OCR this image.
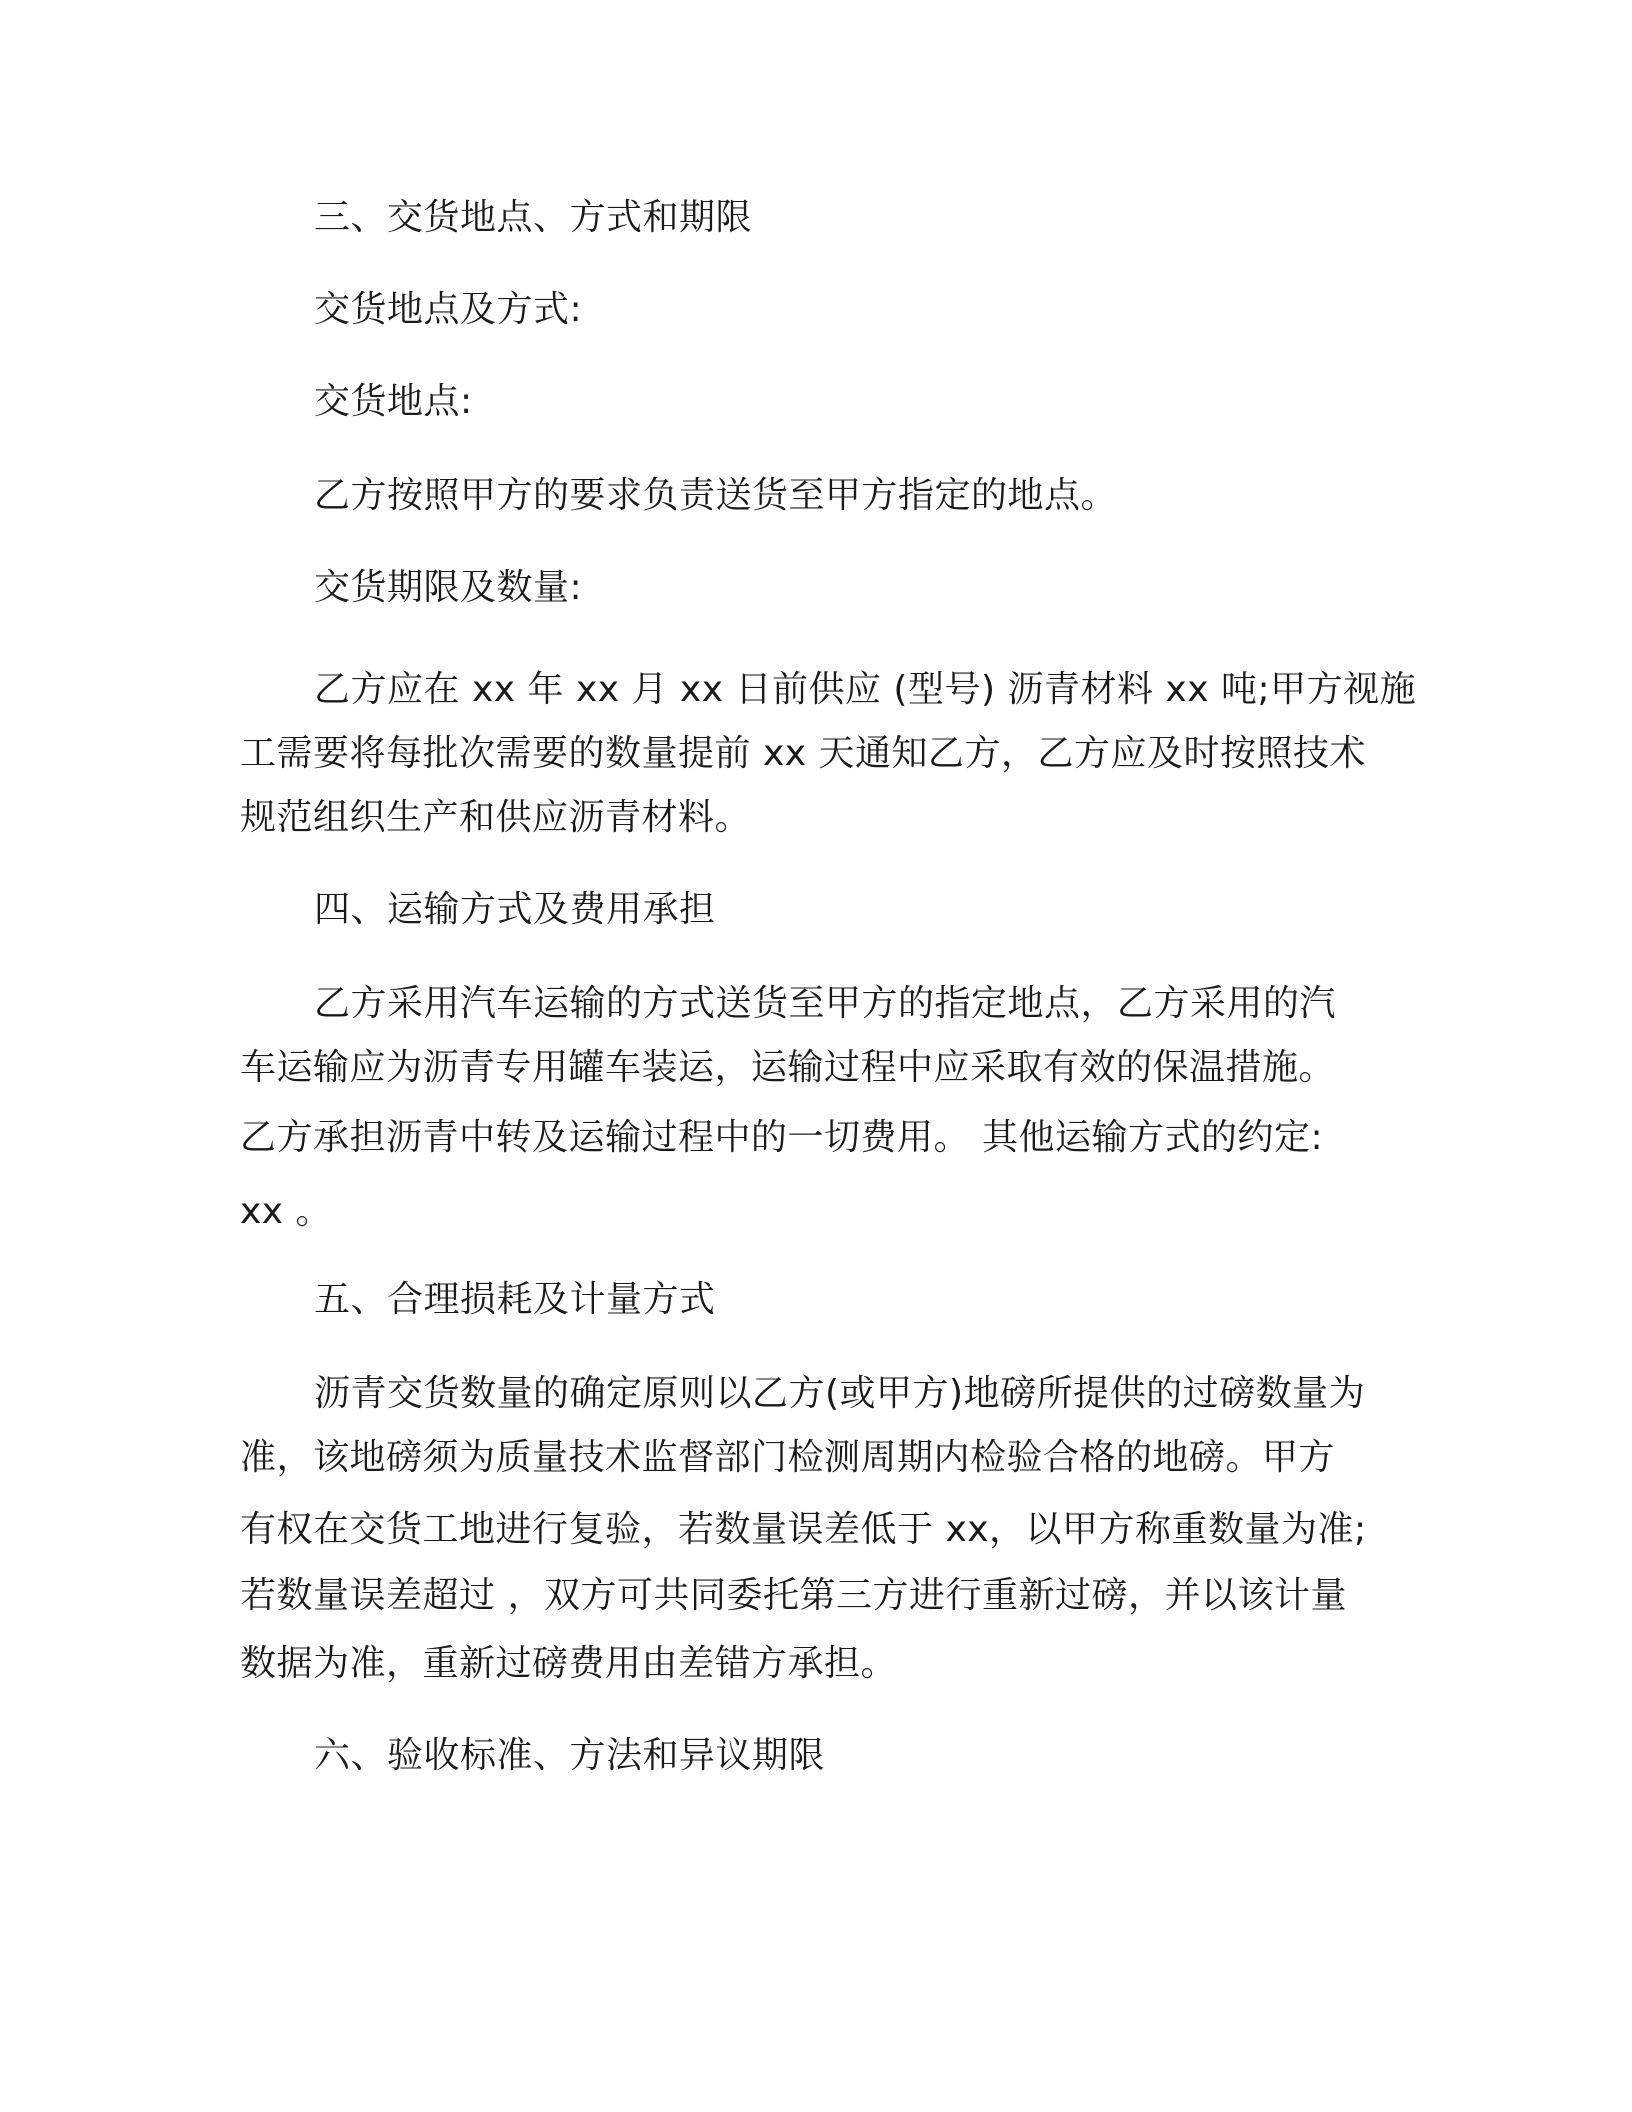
三、交货地点、方式和期限

交货地点及方式:

交货地点:

乙方按照甲方的要求负责送货至甲方指定的地点。

交货期限及数量:

乙方应在 xx 年 xx 月 xx 日前供应 (型号) 沥青材料 xx 吨;甲方视施

工需要将每批次需要的数量提前 xx 天通知乙方，乙方应及时按照技术

规范组织生产和供应沥青材料。

四、运输方式及费用承担

乙方采用汽车运输的方式送货至甲方的指定地点，乙方采用的汽

车运输应为沥青专用罐车装运，运输过程中应采取有效的保温措施。

乙方承担沥青中转及运输过程中的一切费用。 其他运输方式的约定:

xx 。

五、合理损耗及计量方式

沥青交货数量的确定原则以乙方(或甲方)地磅所提供的过磅数量为

准，该地磅须为质量技术监督部门检测周期内检验合格的地磅。甲方

有权在交货工地进行复验，若数量误差低于 xx，以甲方称重数量为准;

若数量误差超过 ，双方可共同委托第三方进行重新过磅，并以该计量

数据为准，重新过磅费用由差错方承担。

六、验收标准、方法和异议期限
